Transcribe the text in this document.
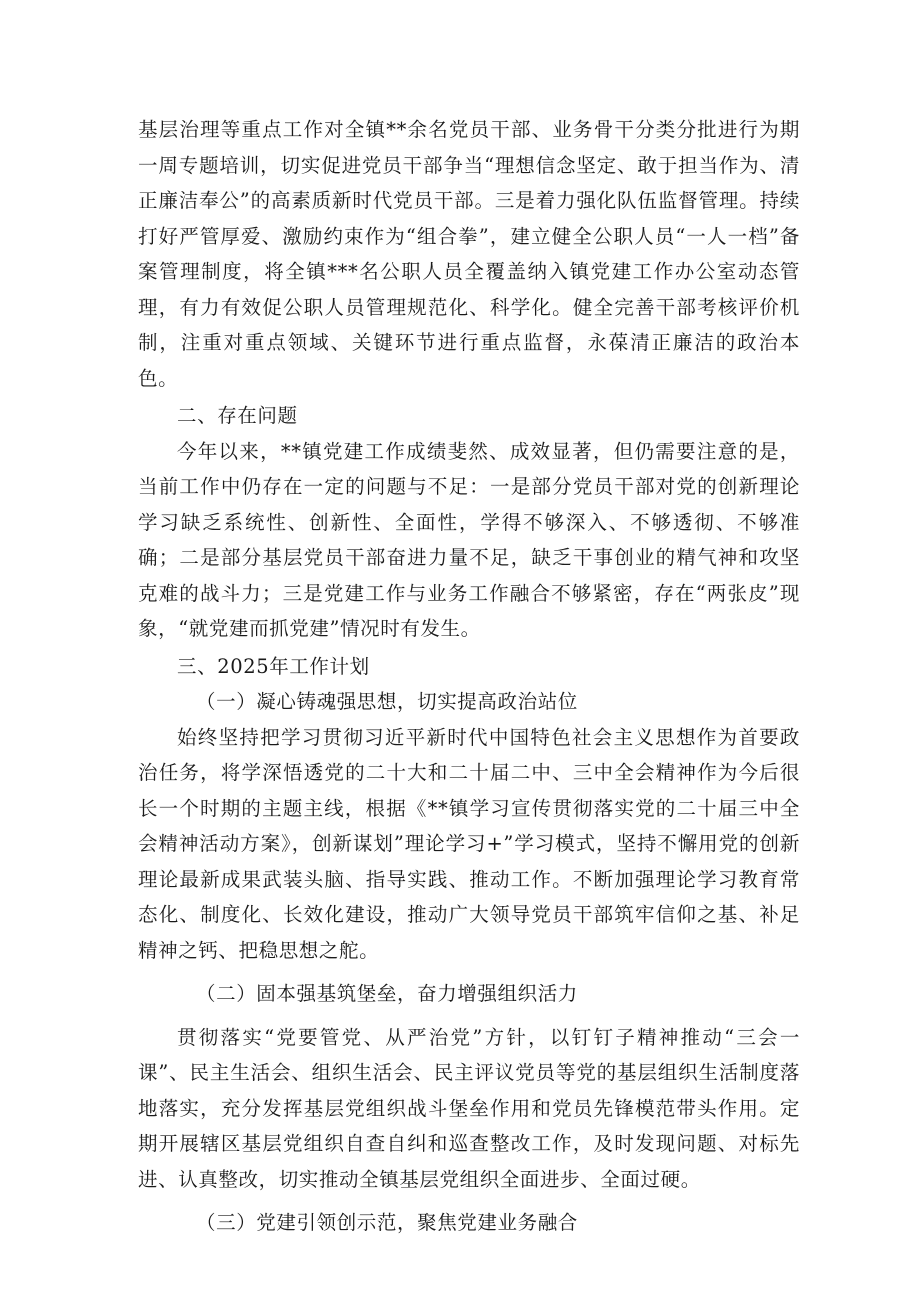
基层治理等重点工作对全镇**余名党员干部、业务骨干分类分批进行为期一周专题培训，切实促进党员干部争当“理想信念坚定、敢于担当作为、清正廉洁奉公”的高素质新时代党员干部。三是着力强化队伍监督管理。持续打好严管厚爱、激励约束作为“组合拳”，建立健全公职人员“一人一档”备案管理制度，将全镇***名公职人员全覆盖纳入镇党建工作办公室动态管理，有力有效促公职人员管理规范化、科学化。健全完善干部考核评价机制，注重对重点领域、关键环节进行重点监督，永葆清正廉洁的政治本色。

二、存在问题

今年以来，**镇党建工作成绩斐然、成效显著，但仍需要注意的是，当前工作中仍存在一定的问题与不足：一是部分党员干部对党的创新理论学习缺乏系统性、创新性、全面性，学得不够深入、不够透彻、不够准确；二是部分基层党员干部奋进力量不足，缺乏干事创业的精气神和攻坚克难的战斗力；三是党建工作与业务工作融合不够紧密，存在“两张皮”现象，“就党建而抓党建”情况时有发生。

三、2025年工作计划

（一）凝心铸魂强思想，切实提高政治站位

始终坚持把学习贯彻习近平新时代中国特色社会主义思想作为首要政治任务，将学深悟透党的二十大和二十届二中、三中全会精神作为今后很长一个时期的主题主线，根据《**镇学习宣传贯彻落实党的二十届三中全会精神活动方案》，创新谋划”理论学习+”学习模式，坚持不懈用党的创新理论最新成果武装头脑、指导实践、推动工作。不断加强理论学习教育常态化、制度化、长效化建设，推动广大领导党员干部筑牢信仰之基、补足精神之钙、把稳思想之舵。

（二）固本强基筑堡垒，奋力增强组织活力

贯彻落实“党要管党、从严治党”方针，以钉钉子精神推动“三会一课”、民主生活会、组织生活会、民主评议党员等党的基层组织生活制度落地落实，充分发挥基层党组织战斗堡垒作用和党员先锋模范带头作用。定期开展辖区基层党组织自查自纠和巡查整改工作，及时发现问题、对标先进、认真整改，切实推动全镇基层党组织全面进步、全面过硬。

（三）党建引领创示范，聚焦党建业务融合
